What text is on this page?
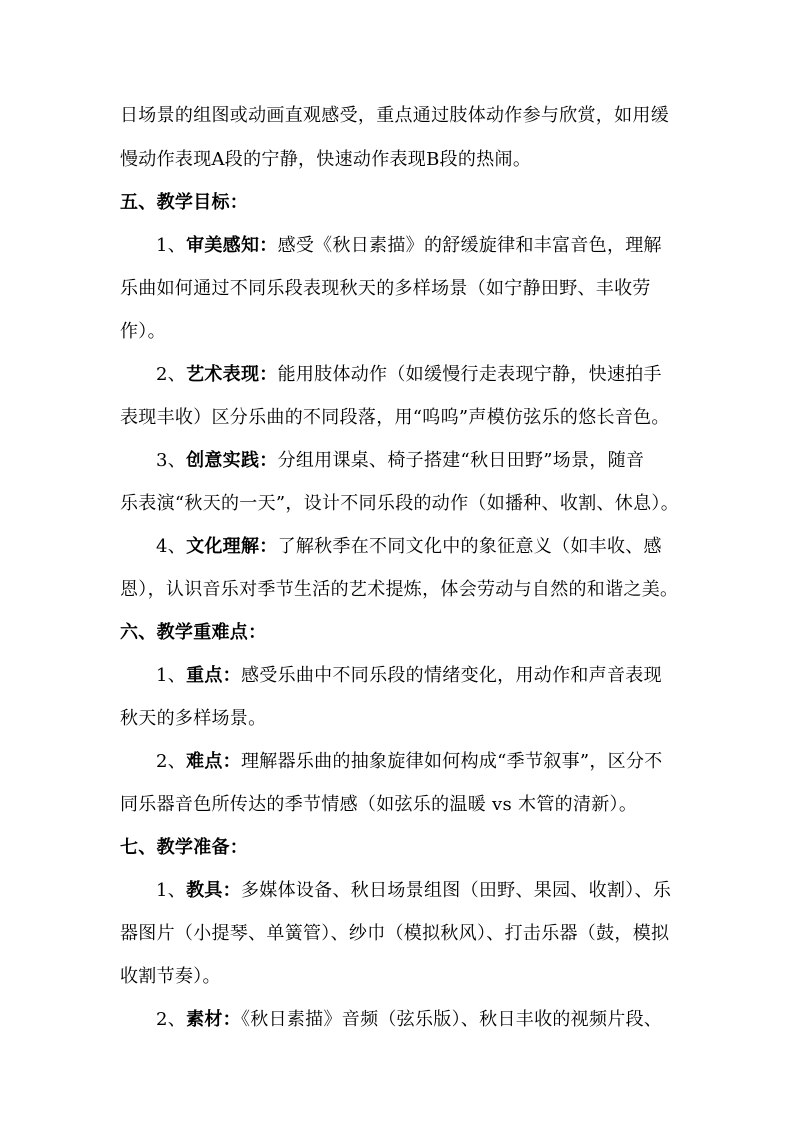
日场景的组图或动画直观感受，重点通过肢体动作参与欣赏，如用缓
慢动作表现A段的宁静，快速动作表现B段的热闹。
五、教学目标：
1、审美感知：感受《秋日素描》的舒缓旋律和丰富音色，理解
乐曲如何通过不同乐段表现秋天的多样场景（如宁静田野、丰收劳
作）。
2、艺术表现：能用肢体动作（如缓慢行走表现宁静，快速拍手
表现丰收）区分乐曲的不同段落，用“呜呜”声模仿弦乐的悠长音色。
3、创意实践：分组用课桌、椅子搭建“秋日田野”场景，随音
乐表演“秋天的一天”，设计不同乐段的动作（如播种、收割、休息）。
4、文化理解：了解秋季在不同文化中的象征意义（如丰收、感
恩），认识音乐对季节生活的艺术提炼，体会劳动与自然的和谐之美。
六、教学重难点：
1、重点：感受乐曲中不同乐段的情绪变化，用动作和声音表现
秋天的多样场景。
2、难点：理解器乐曲的抽象旋律如何构成“季节叙事”，区分不
同乐器音色所传达的季节情感（如弦乐的温暖 vs 木管的清新）。
七、教学准备：
1、教具：多媒体设备、秋日场景组图（田野、果园、收割）、乐
器图片（小提琴、单簧管）、纱巾（模拟秋风）、打击乐器（鼓，模拟
收割节奏）。
2、素材：《秋日素描》音频（弦乐版）、秋日丰收的视频片段、
